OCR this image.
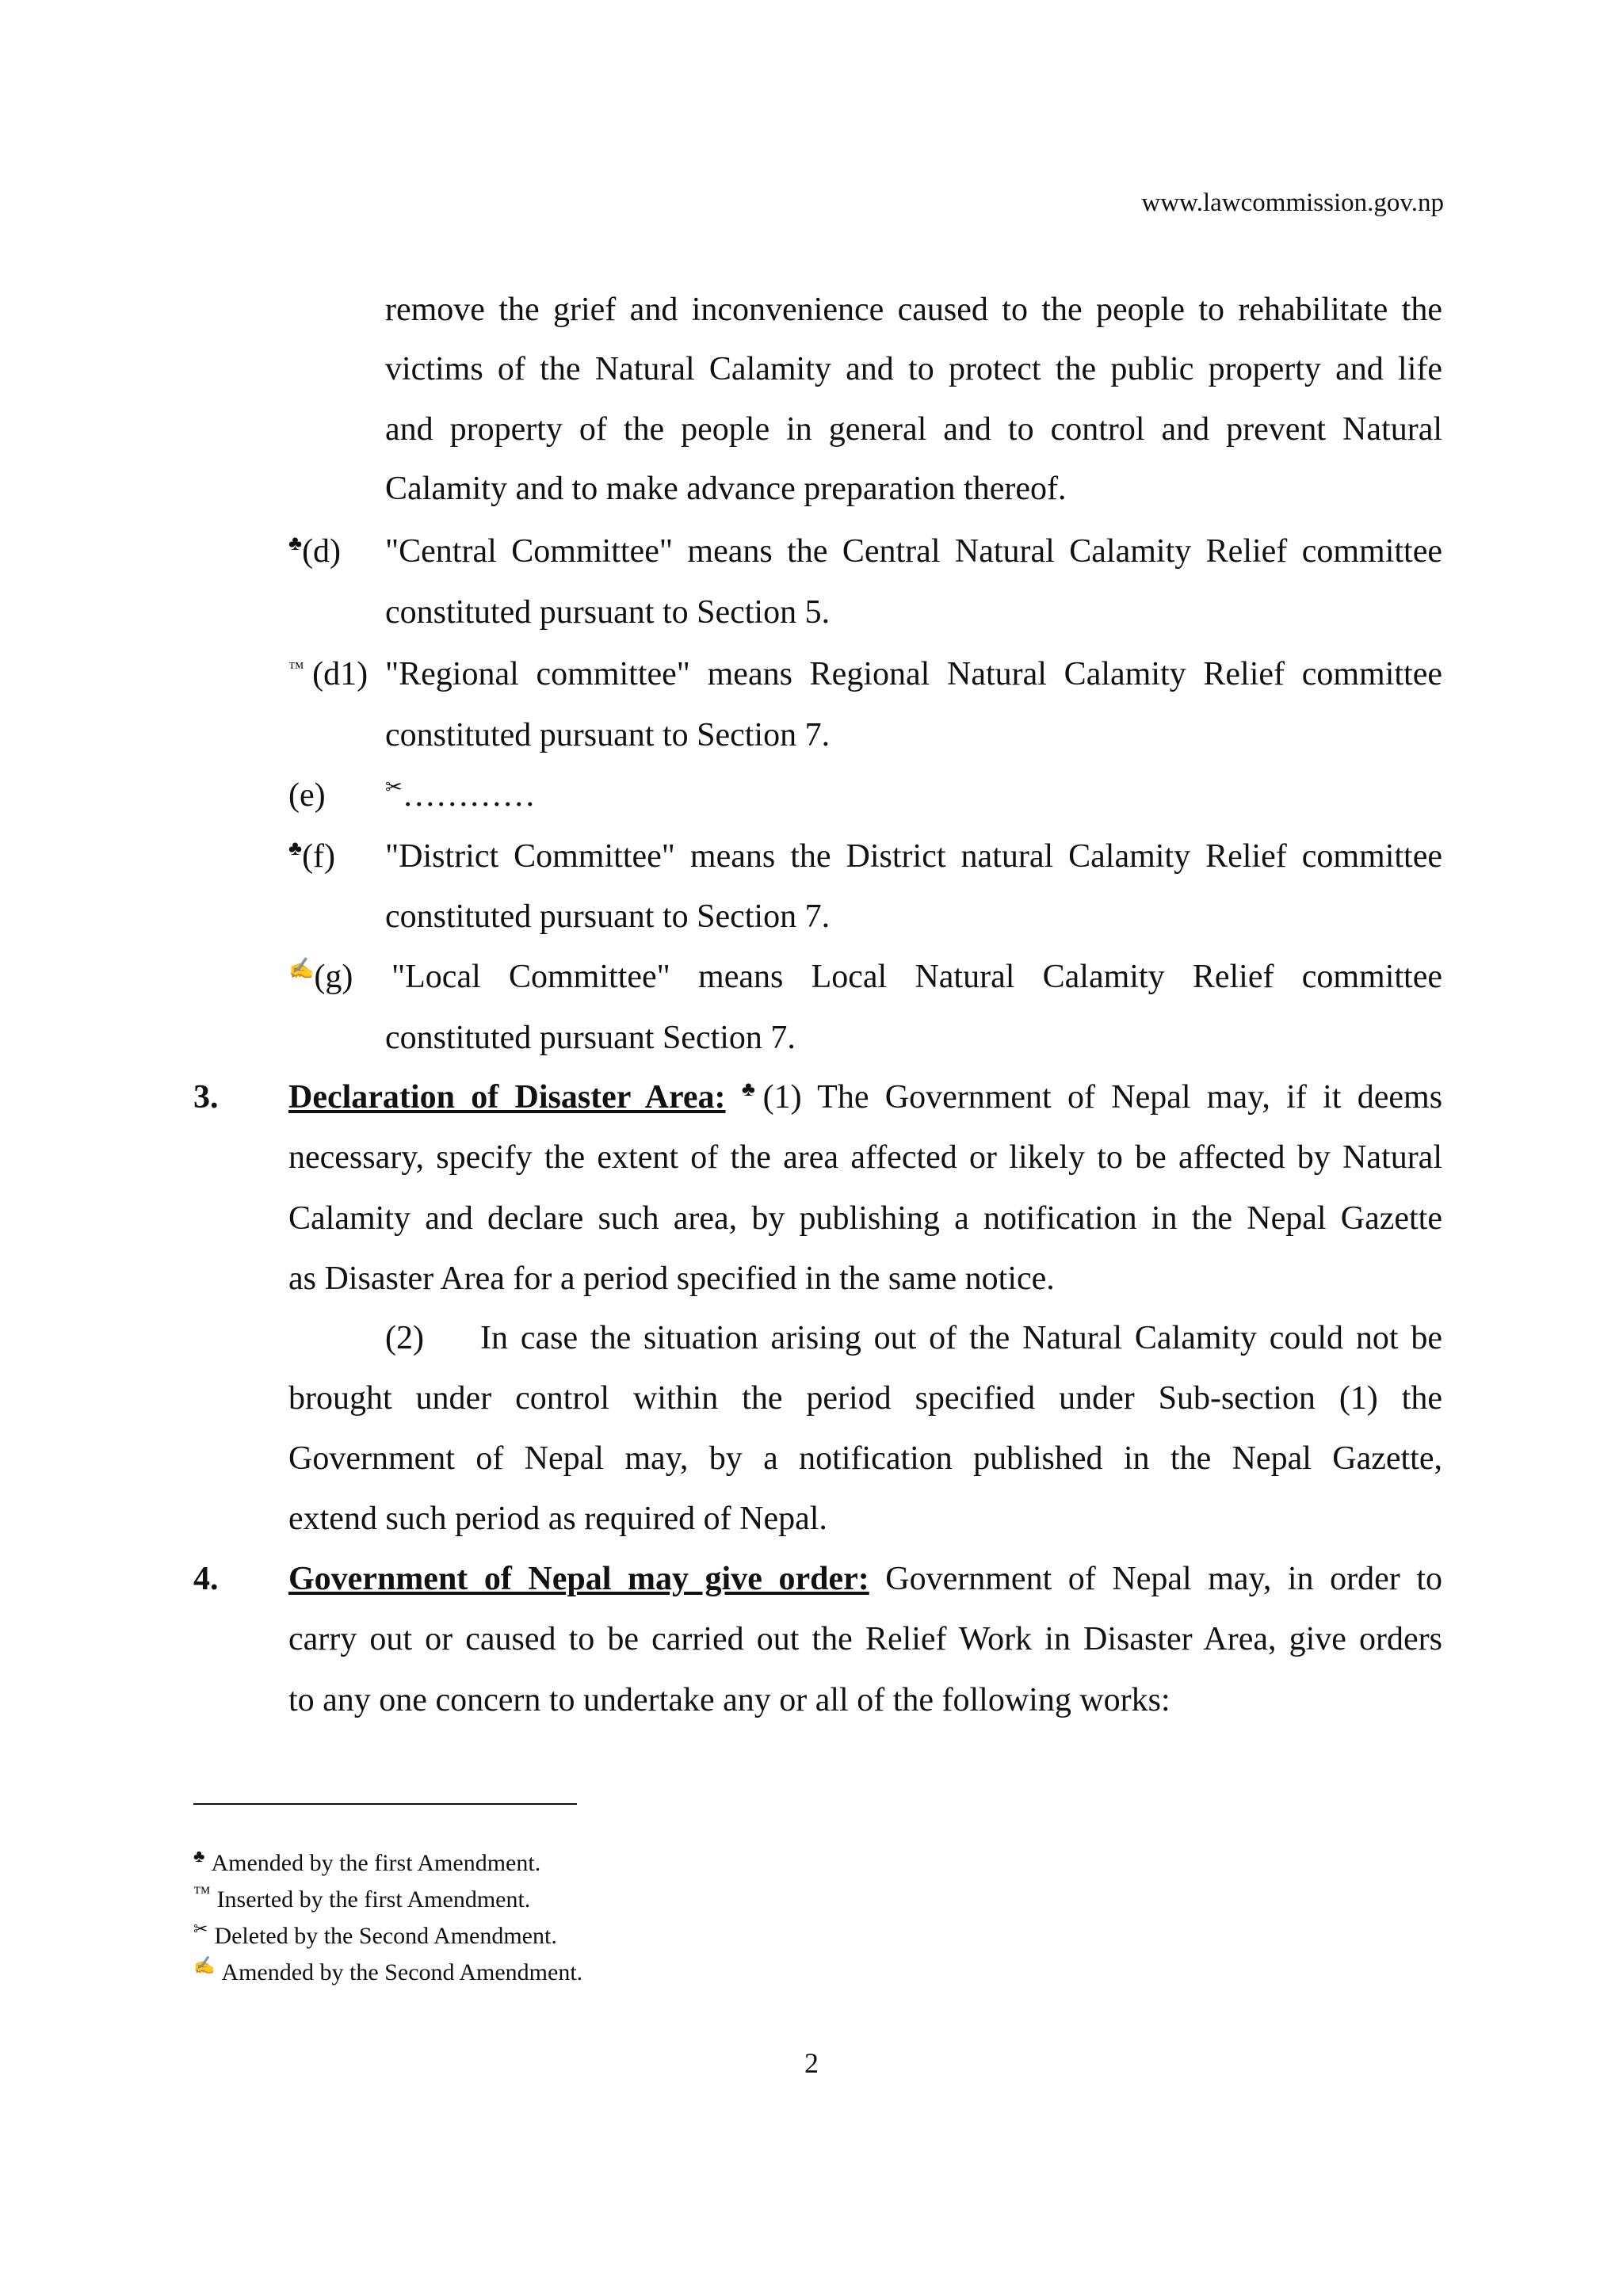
www.lawcommission.gov.np
remove the grief and inconvenience caused to the people to rehabilitate the
victims of the Natural Calamity and to protect the public property and life
and property of the people in general and to control and prevent Natural
Calamity and to make advance preparation thereof.
♣(d) "Central Committee" means the Central Natural Calamity Relief committee
constituted pursuant to Section 5.
™ (d1) "Regional committee" means Regional Natural Calamity Relief committee
constituted pursuant to Section 7.
(e)	✂…………
♣(f) "District Committee" means the District natural Calamity Relief committee
constituted pursuant to Section 7.
✍(g) "Local Committee" means Local Natural Calamity Relief committee
constituted pursuant Section 7.
3. Declaration of Disaster Area: ♣(1) The Government of Nepal may, if it deems
necessary, specify the extent of the area affected or likely to be affected by Natural
Calamity and declare such area, by publishing a notification in the Nepal Gazette
as Disaster Area for a period specified in the same notice.
(2) In case the situation arising out of the Natural Calamity could not be
brought under control within the period specified under Sub-section (1) the
Government of Nepal may, by a notification published in the Nepal Gazette,
extend such period as required of Nepal.
4. Government of Nepal may give order: Government of Nepal may, in order to
carry out or caused to be carried out the Relief Work in Disaster Area, give orders
to any one concern to undertake any or all of the following works:
♣ Amended by the first Amendment.
™ Inserted by the first Amendment.
✂ Deleted by the Second Amendment.
✍ Amended by the Second Amendment.
2
